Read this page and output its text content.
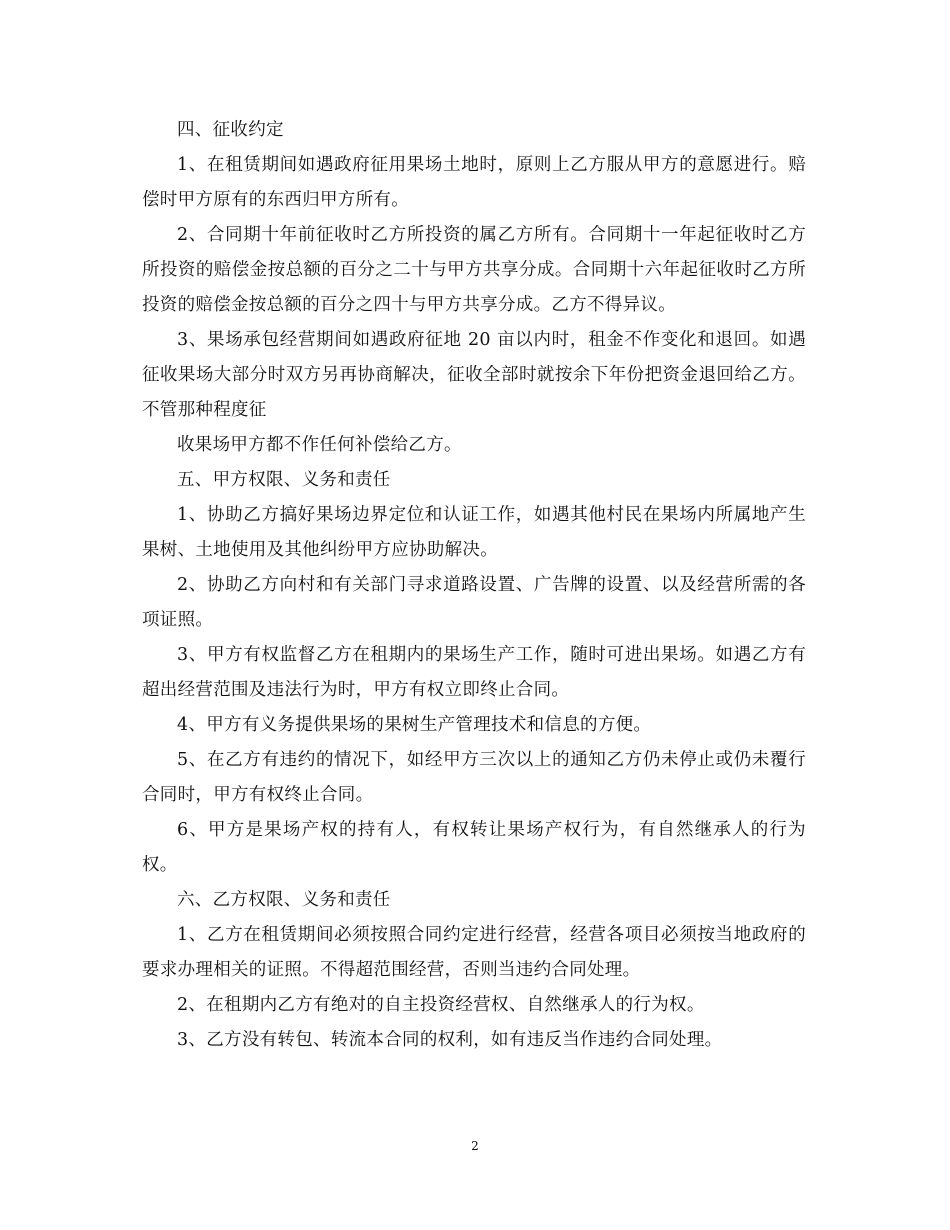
四、征收约定

1、在租赁期间如遇政府征用果场土地时，原则上乙方服从甲方的意愿进行。赔偿时甲方原有的东西归甲方所有。

2、合同期十年前征收时乙方所投资的属乙方所有。合同期十一年起征收时乙方所投资的赔偿金按总额的百分之二十与甲方共享分成。合同期十六年起征收时乙方所投资的赔偿金按总额的百分之四十与甲方共享分成。乙方不得异议。

3、果场承包经营期间如遇政府征地 20 亩以内时，租金不作变化和退回。如遇征收果场大部分时双方另再协商解决，征收全部时就按余下年份把资金退回给乙方。不管那种程度征

收果场甲方都不作任何补偿给乙方。

五、甲方权限、义务和责任

1、协助乙方搞好果场边界定位和认证工作，如遇其他村民在果场内所属地产生果树、土地使用及其他纠纷甲方应协助解决。

2、协助乙方向村和有关部门寻求道路设置、广告牌的设置、以及经营所需的各项证照。

3、甲方有权监督乙方在租期内的果场生产工作，随时可进出果场。如遇乙方有超出经营范围及违法行为时，甲方有权立即终止合同。

4、甲方有义务提供果场的果树生产管理技术和信息的方便。

5、在乙方有违约的情况下，如经甲方三次以上的通知乙方仍未停止或仍未覆行合同时，甲方有权终止合同。

6、甲方是果场产权的持有人，有权转让果场产权行为，有自然继承人的行为权。

六、乙方权限、义务和责任

1、乙方在租赁期间必须按照合同约定进行经营，经营各项目必须按当地政府的要求办理相关的证照。不得超范围经营，否则当违约合同处理。

2、在租期内乙方有绝对的自主投资经营权、自然继承人的行为权。

3、乙方没有转包、转流本合同的权利，如有违反当作违约合同处理。

2
